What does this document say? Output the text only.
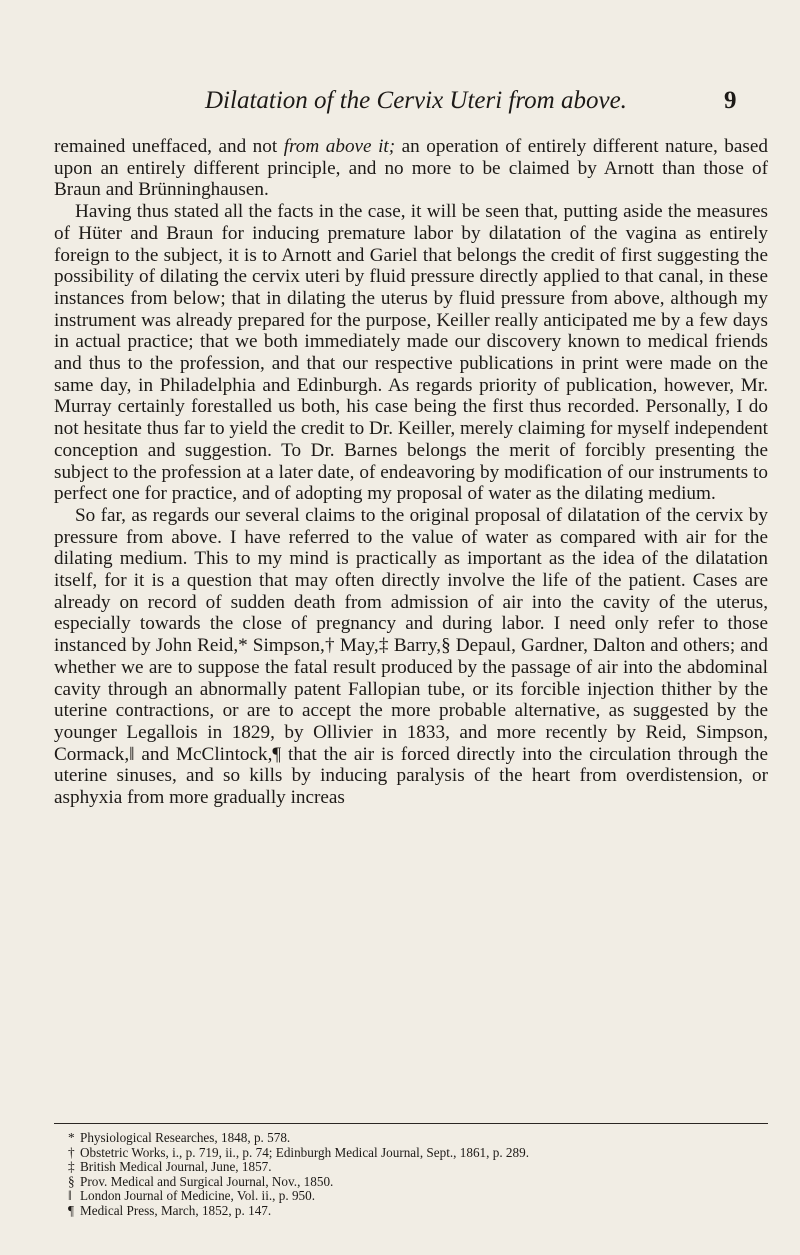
Dilatation of the Cervix Uteri from above.	9

remained uneffaced, and not from above it; an operation of entirely different nature, based upon an entirely different principle, and no more to be claimed by Arnott than those of Braun and Brünninghausen.

Having thus stated all the facts in the case, it will be seen that, putting aside the measures of Hüter and Braun for inducing premature labor by dilatation of the vagina as entirely foreign to the subject, it is to Arnott and Gariel that belongs the credit of first suggesting the possibility of dilating the cervix uteri by fluid pressure directly applied to that canal, in these instances from below; that in dilating the uterus by fluid pressure from above, although my instrument was already prepared for the purpose, Keiller really anticipated me by a few days in actual practice; that we both immediately made our discovery known to medical friends and thus to the profession, and that our respective publications in print were made on the same day, in Philadelphia and Edinburgh. As regards priority of publication, however, Mr. Murray certainly forestalled us both, his case being the first thus recorded. Personally, I do not hesitate thus far to yield the credit to Dr. Keiller, merely claiming for myself independent conception and suggestion. To Dr. Barnes belongs the merit of forcibly presenting the subject to the profession at a later date, of endeavoring by modification of our instruments to perfect one for practice, and of adopting my proposal of water as the dilating medium.

So far, as regards our several claims to the original proposal of dilatation of the cervix by pressure from above. I have referred to the value of water as compared with air for the dilating medium. This to my mind is practically as important as the idea of the dilatation itself, for it is a question that may often directly involve the life of the patient. Cases are already on record of sudden death from admission of air into the cavity of the uterus, especially towards the close of pregnancy and during labor. I need only refer to those instanced by John Reid,* Simpson,† May,‡ Barry,§ Depaul, Gardner, Dalton and others; and whether we are to suppose the fatal result produced by the passage of air into the abdominal cavity through an abnormally patent Fallopian tube, or its forcible injection thither by the uterine contractions, or are to accept the more probable alternative, as suggested by the younger Legallois in 1829, by Ollivier in 1833, and more recently by Reid, Simpson, Cormack,‖ and McClintock,¶ that the air is forced directly into the circulation through the uterine sinuses, and so kills by inducing paralysis of the heart from overdistension, or asphyxia from more gradually increas

* Physiological Researches, 1848, p. 578.
† Obstetric Works, i., p. 719, ii., p. 74; Edinburgh Medical Journal, Sept., 1861, p. 289.
‡ British Medical Journal, June, 1857.
§ Prov. Medical and Surgical Journal, Nov., 1850.
‖ London Journal of Medicine, Vol. ii., p. 950.
¶ Medical Press, March, 1852, p. 147.
